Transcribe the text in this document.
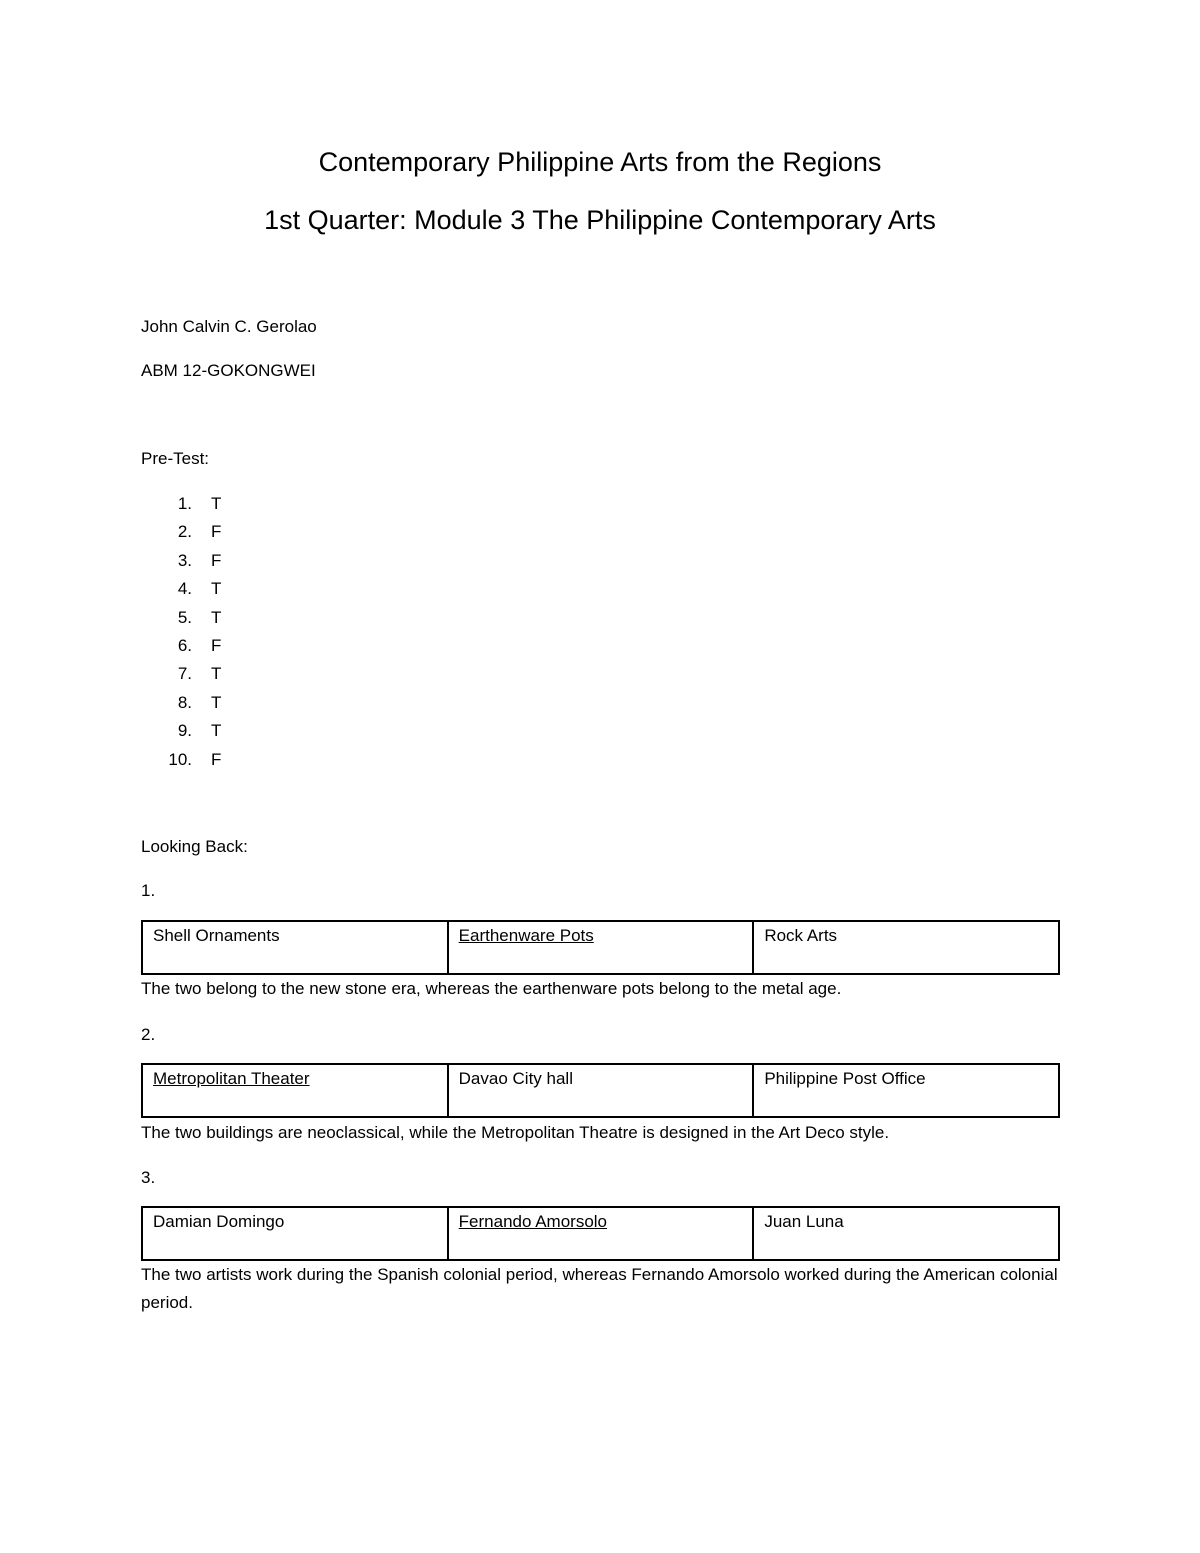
Contemporary Philippine Arts from the Regions
1st Quarter: Module 3 The Philippine Contemporary Arts

John Calvin C. Gerolao

ABM 12-GOKONGWEI

Pre-Test:

1. T
2. F
3. F
4. T
5. T
6. F
7. T
8. T
9. T
10. F

Looking Back:

1.

Shell Ornaments	Earthenware Pots	Rock Arts

The two belong to the new stone era, whereas the earthenware pots belong to the metal age.

2.

Metropolitan Theater	Davao City hall	Philippine Post Office

The two buildings are neoclassical, while the Metropolitan Theatre is designed in the Art Deco style.

3.

Damian Domingo	Fernando Amorsolo	Juan Luna

The two artists work during the Spanish colonial period, whereas Fernando Amorsolo worked during the American colonial period.
